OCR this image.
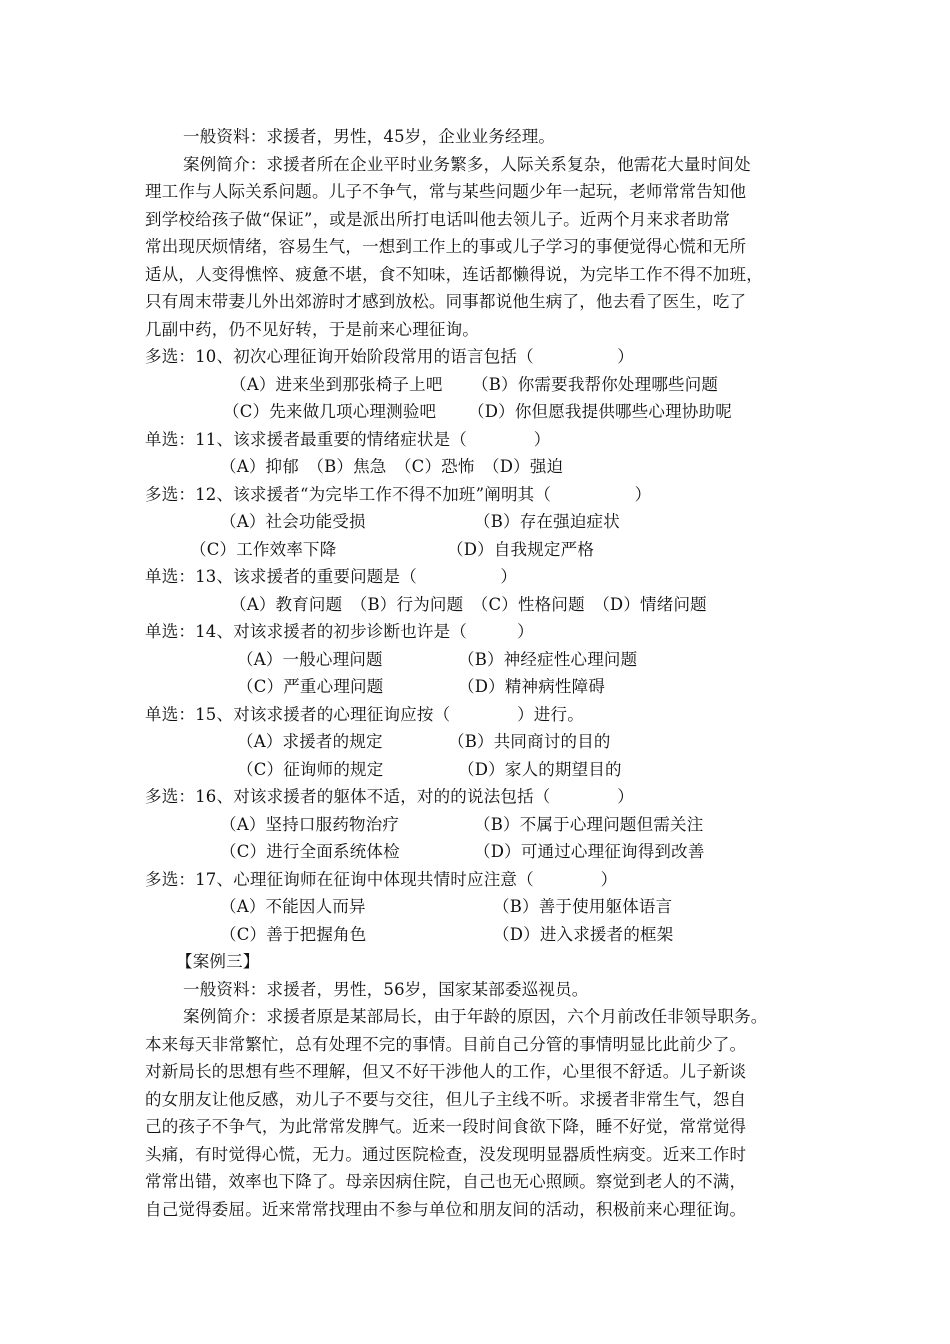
一般资料：求援者，男性，45岁，企业业务经理。
案例简介：求援者所在企业平时业务繁多，人际关系复杂，他需花大量时间处
理工作与人际关系问题。儿子不争气，常与某些问题少年一起玩，老师常常告知他
到学校给孩子做“保证”，或是派出所打电话叫他去领儿子。近两个月来求者助常
常出现厌烦情绪，容易生气，一想到工作上的事或儿子学习的事便觉得心慌和无所
适从，人变得憔悴、疲惫不堪，食不知味，连话都懒得说，为完毕工作不得不加班，
只有周末带妻儿外出郊游时才感到放松。同事都说他生病了，他去看了医生，吃了
几副中药，仍不见好转，于是前来心理征询。
多选：10、初次心理征询开始阶段常用的语言包括（　　　　　）
（A）进来坐到那张椅子上吧 （B）你需要我帮你处理哪些问题
（C）先来做几项心理测验吧 （D）你但愿我提供哪些心理协助呢
单选：11、该求援者最重要的情绪症状是（　　　　）
（A）抑郁　（B）焦急　（C）恐怖　（D）强迫
多选：12、该求援者“为完毕工作不得不加班”阐明其（　　　　　）
（A）社会功能受损	（B）存在强迫症状
（C）工作效率下降	（D）自我规定严格
单选：13、该求援者的重要问题是（　　　　　）
（A）教育问题　（B）行为问题　（C）性格问题　（D）情绪问题
单选：14、对该求援者的初步诊断也许是（　　　）
（A）一般心理问题	（B）神经症性心理问题
（C）严重心理问题	（D）精神病性障碍
单选：15、对该求援者的心理征询应按（　　　　）进行。
（A）求援者的规定	（B）共同商讨的目的
（C）征询师的规定	（D）家人的期望目的
多选：16、对该求援者的躯体不适，对的的说法包括（　　　　）
（A）坚持口服药物治疗	（B）不属于心理问题但需关注
（C）进行全面系统体检	（D）可通过心理征询得到改善
多选：17、心理征询师在征询中体现共情时应注意（　　　　）
（A）不能因人而异	（B）善于使用躯体语言
（C）善于把握角色	（D）进入求援者的框架
【案例三】
一般资料：求援者，男性，56岁，国家某部委巡视员。
案例简介：求援者原是某部局长，由于年龄的原因，六个月前改任非领导职务。
本来每天非常繁忙，总有处理不完的事情。目前自己分管的事情明显比此前少了。
对新局长的思想有些不理解，但又不好干涉他人的工作，心里很不舒适。儿子新谈
的女朋友让他反感，劝儿子不要与交往，但儿子主线不听。求援者非常生气，怨自
己的孩子不争气，为此常常发脾气。近来一段时间食欲下降，睡不好觉，常常觉得
头痛，有时觉得心慌，无力。通过医院检查，没发现明显器质性病变。近来工作时
常常出错，效率也下降了。母亲因病住院，自己也无心照顾。察觉到老人的不满，
自己觉得委屈。近来常常找理由不参与单位和朋友间的活动，积极前来心理征询。
